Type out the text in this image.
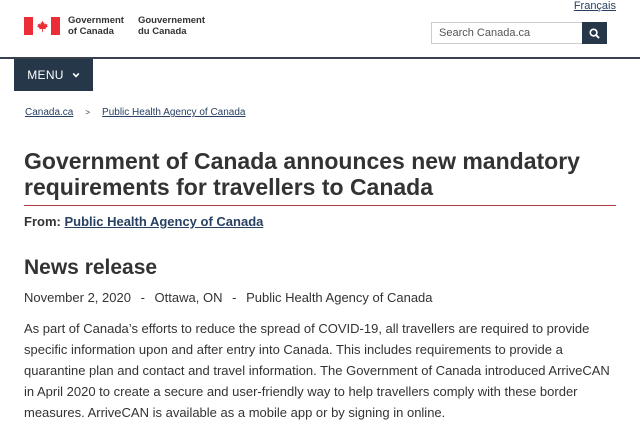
Français
Government
of Canada
Gouvernement
du Canada
Search Canada.ca
MENU
Canada.ca > Public Health Agency of Canada
Government of Canada announces new mandatory requirements for travellers to Canada
From: Public Health Agency of Canada
News release
November 2, 2020 - Ottawa, ON - Public Health Agency of Canada

As part of Canada’s efforts to reduce the spread of COVID-19, all travellers are required to provide specific information upon and after entry into Canada. This includes requirements to provide a quarantine plan and contact and travel information. The Government of Canada introduced ArriveCAN in April 2020 to create a secure and user-friendly way to help travellers comply with these border measures. ArriveCAN is available as a mobile app or by signing in online.
